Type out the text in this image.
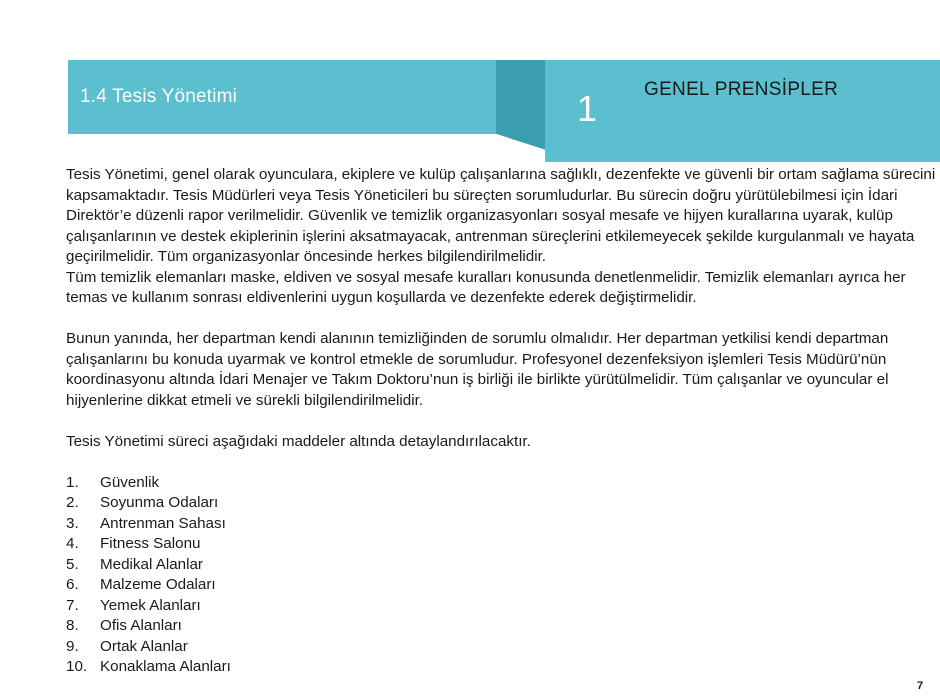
1.4 Tesis Yönetimi	1 GENEL PRENSİPLER

Tesis Yönetimi, genel olarak oyunculara, ekiplere ve kulüp çalışanlarına sağlıklı, dezenfekte ve güvenli bir ortam sağlama sürecini kapsamaktadır. Tesis Müdürleri veya Tesis Yöneticileri bu süreçten sorumludurlar. Bu sürecin doğru yürütülebilmesi için İdari Direktör’e düzenli rapor verilmelidir. Güvenlik ve temizlik organizasyonları sosyal mesafe ve hijyen kurallarına uyarak, kulüp çalışanlarının ve destek ekiplerinin işlerini aksatmayacak, antrenman süreçlerini etkilemeyecek şekilde kurgulanmalı ve hayata geçirilmelidir. Tüm organizasyonlar öncesinde herkes bilgilendirilmelidir.

Tüm temizlik elemanları maske, eldiven ve sosyal mesafe kuralları konusunda denetlenmelidir. Temizlik elemanları ayrıca her temas ve kullanım sonrası eldivenlerini uygun koşullarda ve dezenfekte ederek değiştirmelidir.

Bunun yanında, her departman kendi alanının temizliğinden de sorumlu olmalıdır. Her departman yetkilisi kendi departman çalışanlarını bu konuda uyarmak ve kontrol etmekle de sorumludur. Profesyonel dezenfeksiyon işlemleri Tesis Müdürü’nün koordinasyonu altında İdari Menajer ve Takım Doktoru’nun iş birliği ile birlikte yürütülmelidir. Tüm çalışanlar ve oyuncular el hijyenlerine dikkat etmeli ve sürekli bilgilendirilmelidir.

Tesis Yönetimi süreci aşağıdaki maddeler altında detaylandırılacaktır.

1.	Güvenlik
2.	Soyunma Odaları
3.	Antrenman Sahası
4.	Fitness Salonu
5.	Medikal Alanlar
6.	Malzeme Odaları
7.	Yemek Alanları
8.	Ofis Alanları
9.	Ortak Alanlar
10. Konaklama Alanları
7
